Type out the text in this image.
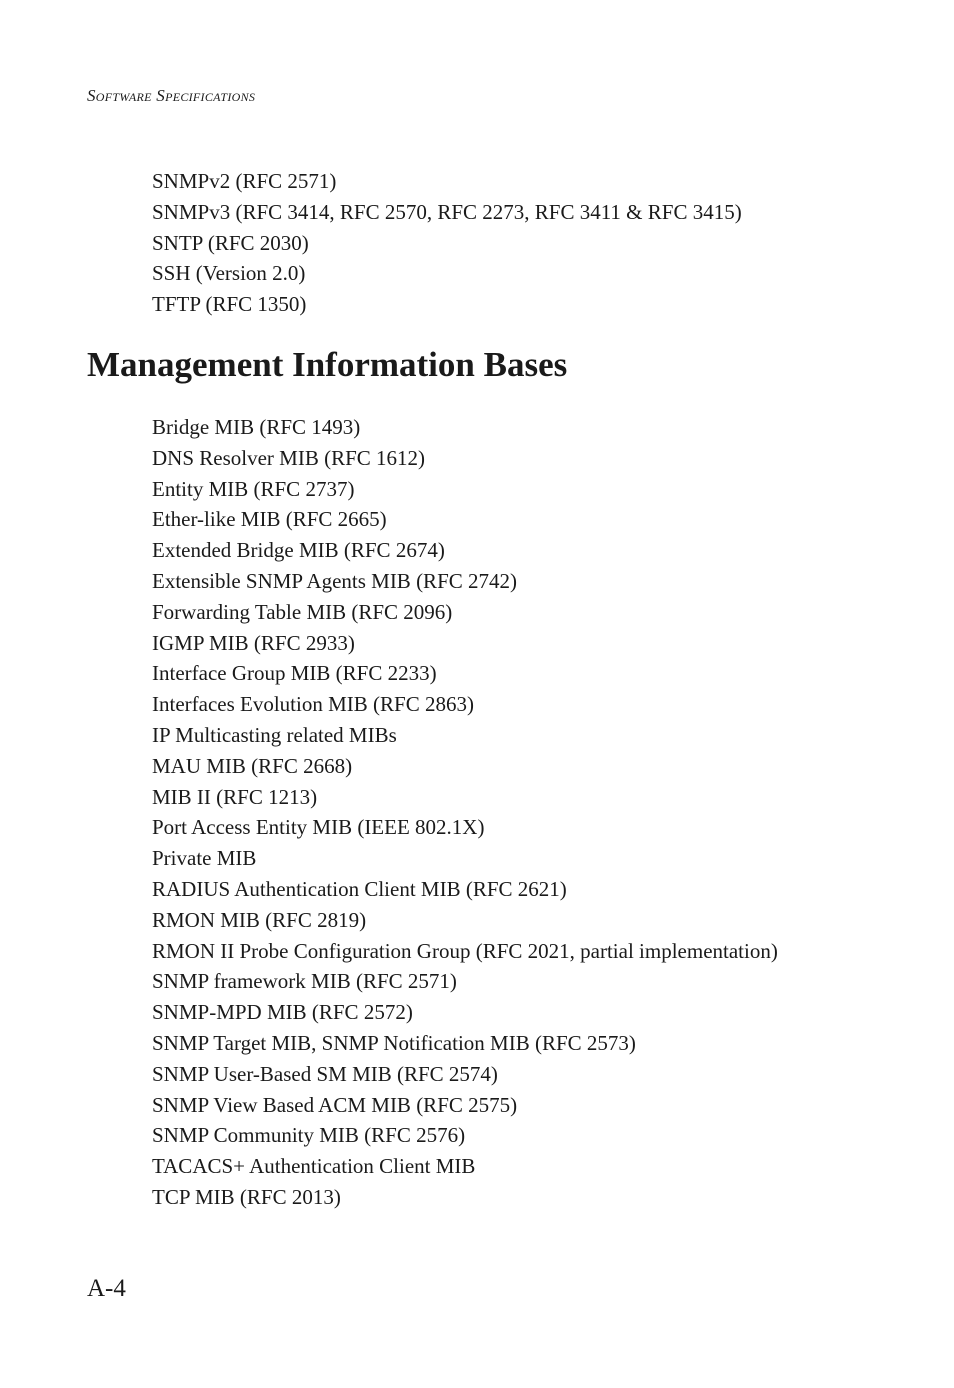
Software Specifications
SNMPv2 (RFC 2571)
SNMPv3 (RFC 3414, RFC 2570, RFC 2273, RFC 3411 & RFC 3415)
SNTP (RFC 2030)
SSH (Version 2.0)
TFTP (RFC 1350)
Management Information Bases
Bridge MIB (RFC 1493)
DNS Resolver MIB (RFC 1612)
Entity MIB (RFC 2737)
Ether-like MIB (RFC 2665)
Extended Bridge MIB (RFC 2674)
Extensible SNMP Agents MIB (RFC 2742)
Forwarding Table MIB (RFC 2096)
IGMP MIB (RFC 2933)
Interface Group MIB (RFC 2233)
Interfaces Evolution MIB (RFC 2863)
IP Multicasting related MIBs
MAU MIB (RFC 2668)
MIB II (RFC 1213)
Port Access Entity MIB (IEEE 802.1X)
Private MIB
RADIUS Authentication Client MIB (RFC 2621)
RMON MIB (RFC 2819)
RMON II Probe Configuration Group (RFC 2021, partial implementation)
SNMP framework MIB (RFC 2571)
SNMP-MPD MIB (RFC 2572)
SNMP Target MIB, SNMP Notification MIB (RFC 2573)
SNMP User-Based SM MIB (RFC 2574)
SNMP View Based ACM MIB (RFC 2575)
SNMP Community MIB (RFC 2576)
TACACS+ Authentication Client MIB
TCP MIB (RFC 2013)
A-4
